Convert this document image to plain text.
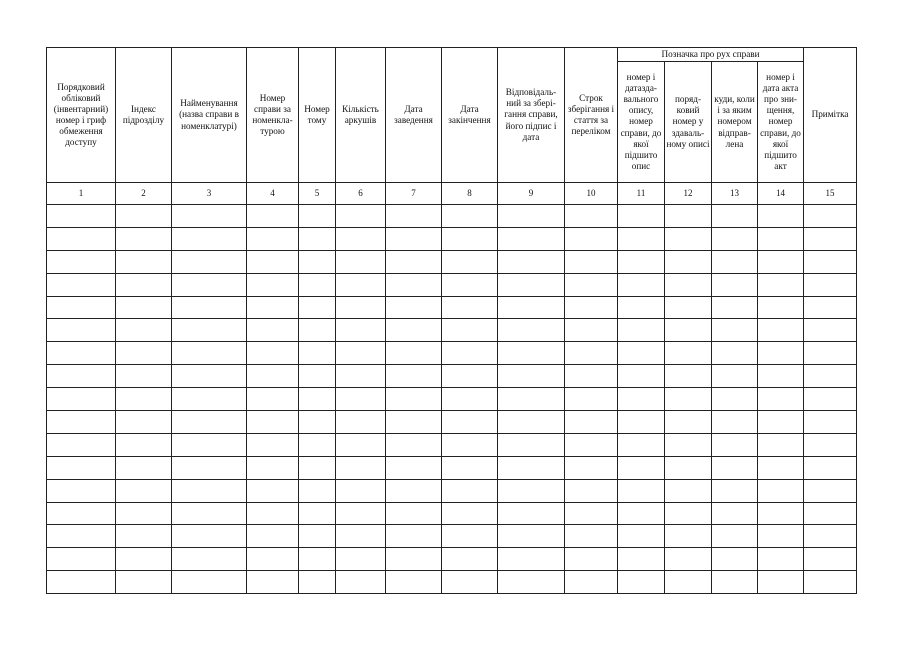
Порядковий обліковий (інвентарний) номер і гриф обмеження доступу	Індекс підрозділу	Найменування (назва справи в номенклатурі)	Номер справи за номенкла-турою	Номер тому	Кількість аркушів	Дата заведення	Дата закінчення	Відповідаль-ний за зберi-гання справи, його підпис і дата	Строк зберігання і стаття за переліком	Позначка про рух справи				Примітка
										номер і датазда-вального опису, номер справи, до якої підшито опис	поряд-ковий номер у здаваль-ному описі	куди, коли і за яким номером відправ-лена	номер і дата акта про зни-щення, номер справи, до якої підшито акт	
1	2	3	4	5	6	7	8	9	10	11	12	13	14	15
